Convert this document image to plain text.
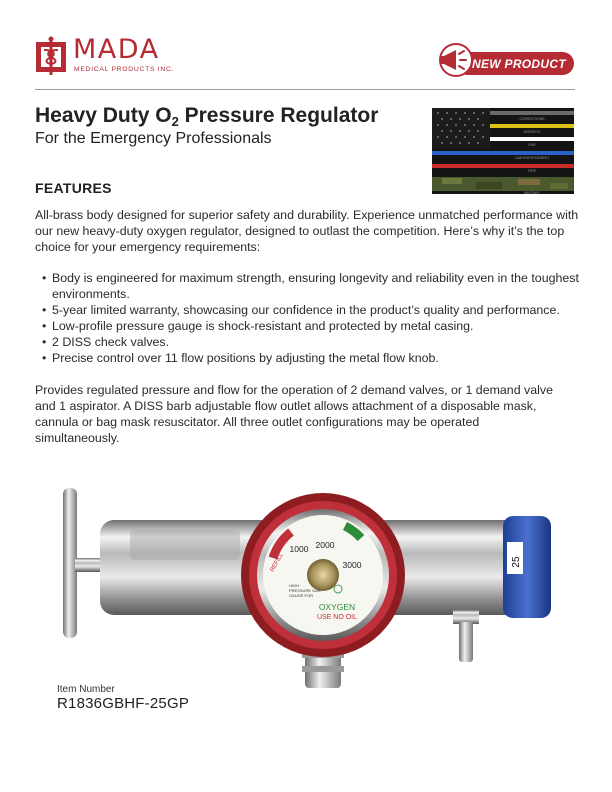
MADA
MEDICAL PRODUCTS INC.	NEW PRODUCT
Heavy Duty $O_2$ Pressure Regulator
For the Emergency Professionals
CORRECTIONS
DISPATCH
EMS
LAW ENFORCEMENT
FIRE
MILITARY
FEATURES
All-brass body designed for superior safety and durability. Experience unmatched performance with our new heavy-duty oxygen regulator, designed to outlast the competition. Here’s why it’s the top choice for your emergency requirements:
• Body is engineered for maximum strength, ensuring longevity and reliability even in the toughest environments.
• 5-year limited warranty, showcasing our confidence in the product’s quality and performance.
• Low-profile pressure gauge is shock-resistant and protected by metal casing.
• 2 DISS check valves.
• Precise control over 11 flow positions by adjusting the metal flow knob.
Provides regulated pressure and flow for the operation of 2 demand valves, or 1 demand valve and 1 aspirator. A DISS barb adjustable flow outlet allows attachment of a disposable mask, cannula or bag mask resuscitator. All three outlet configurations may be operated simultaneously.
25
1000 2000
3000
REFILL
HIGH
PRESSURE GAS
GAUGE FOR
OXYGEN
USE NO OIL
Item Number
R1836GBHF-25GP
